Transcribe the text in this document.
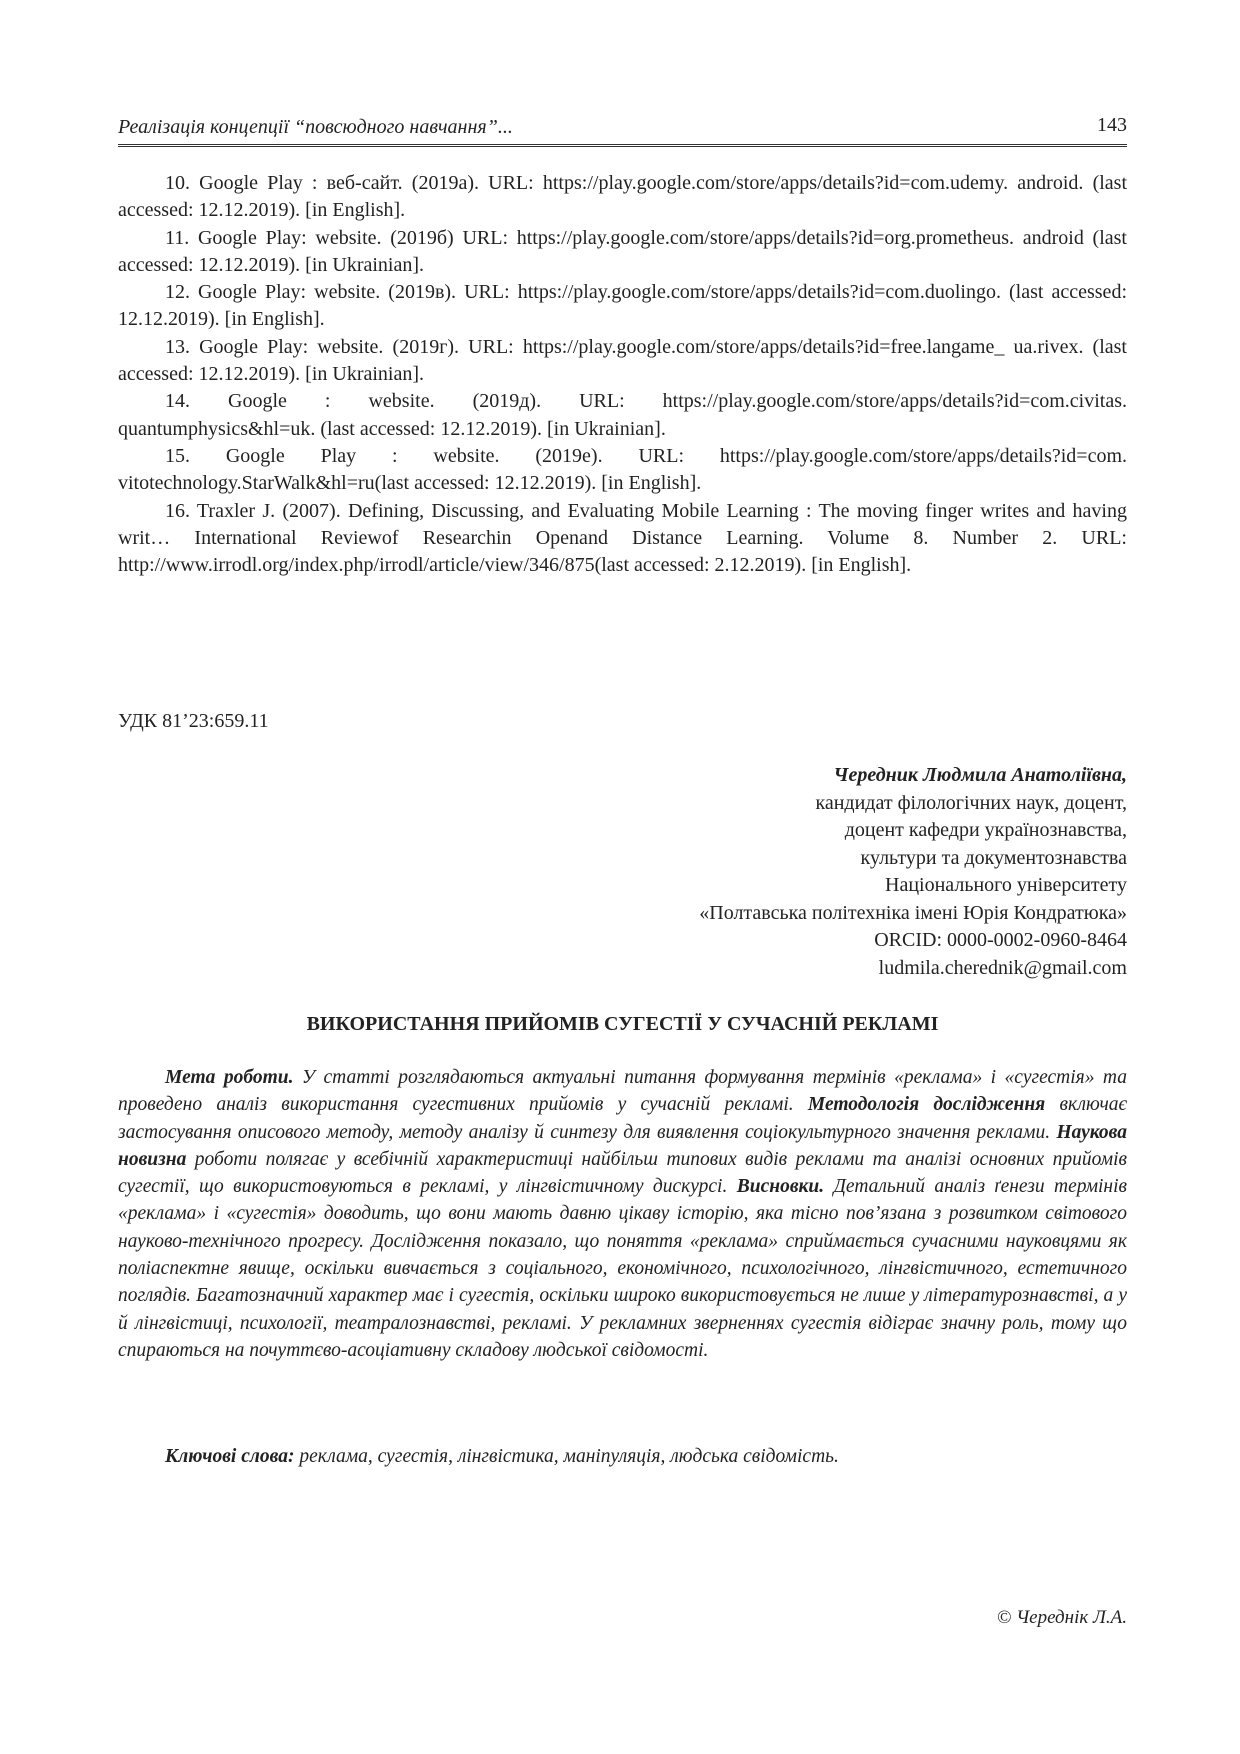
Реалізація концепції “повсюдного навчання”...	143

10. Google Play : веб-сайт. (2019а). URL: https://play.google.com/store/apps/details?id=com.udemy. android. (last accessed: 12.12.2019). [in English].

11. Google Play: website. (2019б) URL: https://play.google.com/store/apps/details?id=org.prometheus. android (last accessed: 12.12.2019). [in Ukrainian].

12. Google Play: website. (2019в). URL: https://play.google.com/store/apps/details?id=com.duolingo. (last accessed: 12.12.2019). [in English].

13. Google Play: website. (2019г). URL: https://play.google.com/store/apps/details?id=free.langame_ ua.rivex. (last accessed: 12.12.2019). [in Ukrainian].

14. Google : website. (2019д). URL: https://play.google.com/store/apps/details?id=com.civitas. quantumphysics&hl=uk. (last accessed: 12.12.2019). [in Ukrainian].

15. Google Play : website. (2019е). URL: https://play.google.com/store/apps/details?id=com. vitotechnology.StarWalk&hl=ru(last accessed: 12.12.2019). [in English].

16. Traxler J. (2007). Defining, Discussing, and Evaluating Mobile Learning : The moving finger writes and having writ… International Reviewof Researchin Openand Distance Learning. Volume 8. Number 2. URL: http://www.irrodl.org/index.php/irrodl/article/view/346/875(last accessed: 2.12.2019). [in English].

УДК 81’23:659.11
Чередник Людмила Анатоліївна,
кандидат філологічних наук, доцент,
доцент кафедри українознавства,
культури та документознавства
Національного університету
«Полтавська політехніка імені Юрія Кондратюка»
ORCID: 0000-0002-0960-8464
ludmila.cherednik@gmail.com
ВИКОРИСТАННЯ ПРИЙОМІВ СУГЕСТІЇ У СУЧАСНІЙ РЕКЛАМІ

Мета роботи. У статті розглядаються актуальні питання формування термінів «реклама» і «сугестія» та проведено аналіз використання сугестивних прийомів у сучасній рекламі. Методологія дослідження включає застосування описового методу, методу аналізу й синтезу для виявлення соціокультурного значення реклами. Наукова новизна роботи полягає у всебічній характеристиці найбільш типових видів реклами та аналізі основних прийомів сугестії, що використовуються в рекламі, у лінгвістичному дискурсі. Висновки. Детальний аналіз ґенези термінів «реклама» і «сугестія» доводить, що вони мають давню цікаву історію, яка тісно пов’язана з розвитком світового науково-технічного прогресу. Дослідження показало, що поняття «реклама» сприймається сучасними науковцями як поліаспектне явище, оскільки вивчається з соціального, економічного, психологічного, лінгвістичного, естетичного поглядів. Багатозначний характер має і сугестія, оскільки широко використовується не лише у літературознавстві, а у й лінгвістиці, психології, театралознавстві, рекламі. У рекламних зверненнях сугестія відіграє значну роль, тому що спираються на почуттєво-асоціативну складову людської свідомості.

Ключові слова: реклама, сугестія, лінгвістика, маніпуляція, людська свідомість.
© Череднік Л.А.
